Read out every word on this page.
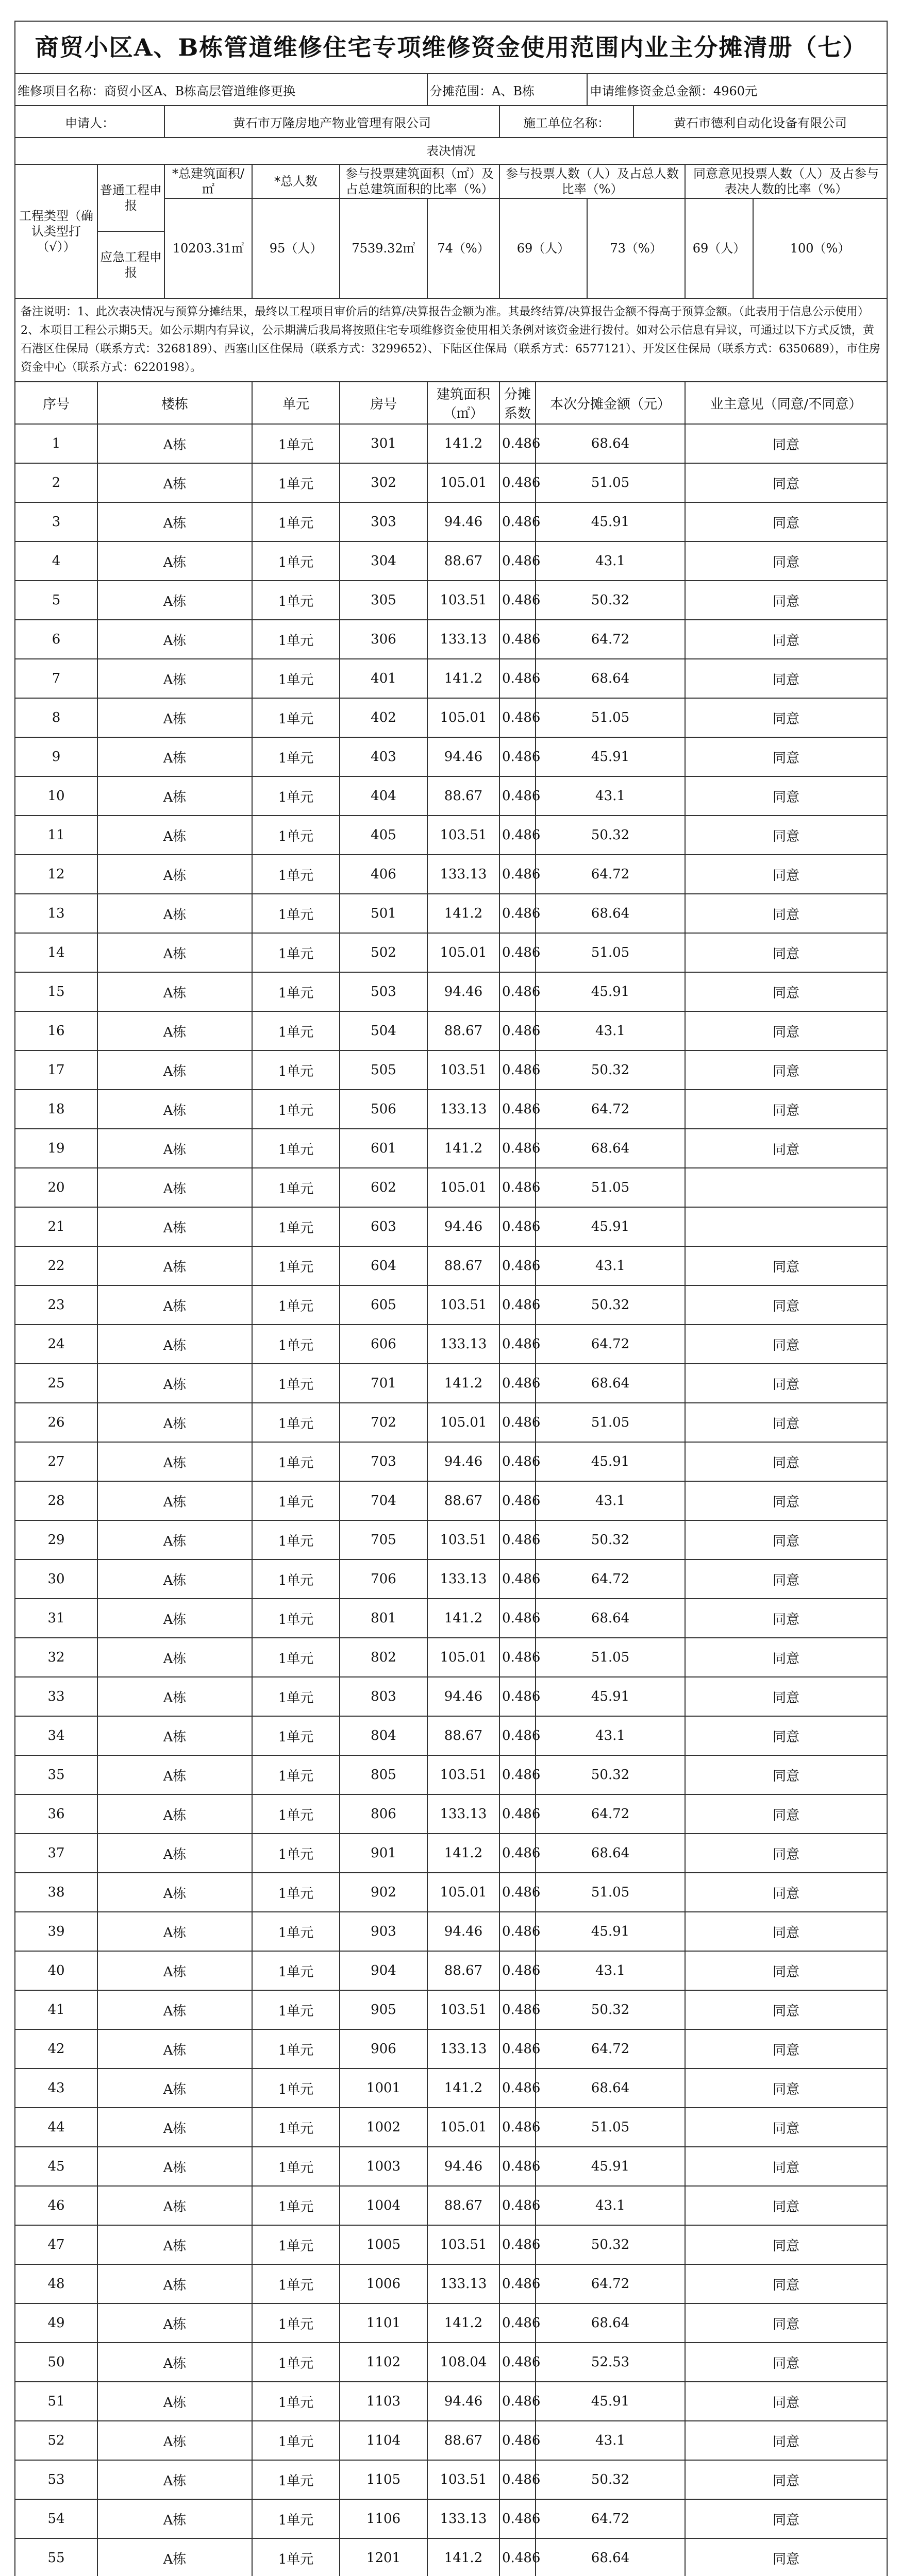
商贸小区A、B栋管道维修住宅专项维修资金使用范围内业主分摊清册（七）											
维修项目名称：商贸小区A、B栋高层管道维修更换					分摊范围：A、B栋			申请维修资金总金额：4960元			
申请人：		黄石市万隆房地产物业管理有限公司				施工单位名称：			黄石市德利自动化设备有限公司		
表决情况											
工程类型（确认类型打（√））	普通工程申报	*总建筑面积/㎡	*总人数	参与投票建筑面积（㎡）及占总建筑面积的比率（%）		参与投票人数（人）及占总人数比率（%）				同意意见投票人数（人）及占参与表决人数的比率（%）	
		10203.31㎡	95（人）	7539.32㎡	74（%）	69（人）		73（%）		69（人）	100（%）
	应急工程申报										

备注说明：1、此次表决情况与预算分摊结果，最终以工程项目审价后的结算/决算报告金额为准。其最终结算/决算报告金额不得高于预算金额。（此表用于信息公示使用）
2、本项目工程公示期5天。如公示期内有异议，公示期满后我局将按照住宅专项维修资金使用相关条例对该资金进行拨付。如对公示信息有异议，可通过以下方式反馈，黄石港区住保局（联系方式：3268189）、西塞山区住保局（联系方式：3299652）、下陆区住保局（联系方式：6577121）、开发区住保局（联系方式：6350689），市住房资金中心（联系方式：6220198）。											

序号	楼栋		单元	房号	建筑面积（㎡）	分摊系数	本次分摊金额（元）			业主意见（同意/不同意）	
1	A栋		1单元	301	141.2	0.486	68.64			同意	
2	A栋		1单元	302	105.01	0.486	51.05			同意	
3	A栋		1单元	303	94.46	0.486	45.91			同意	
4	A栋		1单元	304	88.67	0.486	43.1			同意	
5	A栋		1单元	305	103.51	0.486	50.32			同意	
6	A栋		1单元	306	133.13	0.486	64.72			同意	
7	A栋		1单元	401	141.2	0.486	68.64			同意	
8	A栋		1单元	402	105.01	0.486	51.05			同意	
9	A栋		1单元	403	94.46	0.486	45.91			同意	
10	A栋		1单元	404	88.67	0.486	43.1			同意	
11	A栋		1单元	405	103.51	0.486	50.32			同意	
12	A栋		1单元	406	133.13	0.486	64.72			同意	
13	A栋		1单元	501	141.2	0.486	68.64			同意	
14	A栋		1单元	502	105.01	0.486	51.05			同意	
15	A栋		1单元	503	94.46	0.486	45.91			同意	
16	A栋		1单元	504	88.67	0.486	43.1			同意	
17	A栋		1单元	505	103.51	0.486	50.32			同意	
18	A栋		1单元	506	133.13	0.486	64.72			同意	
19	A栋		1单元	601	141.2	0.486	68.64			同意	
20	A栋		1单元	602	105.01	0.486	51.05				
21	A栋		1单元	603	94.46	0.486	45.91				
22	A栋		1单元	604	88.67	0.486	43.1			同意	
23	A栋		1单元	605	103.51	0.486	50.32			同意	
24	A栋		1单元	606	133.13	0.486	64.72			同意	
25	A栋		1单元	701	141.2	0.486	68.64			同意	
26	A栋		1单元	702	105.01	0.486	51.05			同意	
27	A栋		1单元	703	94.46	0.486	45.91			同意	
28	A栋		1单元	704	88.67	0.486	43.1			同意	
29	A栋		1单元	705	103.51	0.486	50.32			同意	
30	A栋		1单元	706	133.13	0.486	64.72			同意	
31	A栋		1单元	801	141.2	0.486	68.64			同意	
32	A栋		1单元	802	105.01	0.486	51.05			同意	
33	A栋		1单元	803	94.46	0.486	45.91			同意	
34	A栋		1单元	804	88.67	0.486	43.1			同意	
35	A栋		1单元	805	103.51	0.486	50.32			同意	
36	A栋		1单元	806	133.13	0.486	64.72			同意	
37	A栋		1单元	901	141.2	0.486	68.64			同意	
38	A栋		1单元	902	105.01	0.486	51.05			同意	
39	A栋		1单元	903	94.46	0.486	45.91			同意	
40	A栋		1单元	904	88.67	0.486	43.1			同意	
41	A栋		1单元	905	103.51	0.486	50.32			同意	
42	A栋		1单元	906	133.13	0.486	64.72			同意	
43	A栋		1单元	1001	141.2	0.486	68.64			同意	
44	A栋		1单元	1002	105.01	0.486	51.05			同意	
45	A栋		1单元	1003	94.46	0.486	45.91			同意	
46	A栋		1单元	1004	88.67	0.486	43.1			同意	
47	A栋		1单元	1005	103.51	0.486	50.32			同意	
48	A栋		1单元	1006	133.13	0.486	64.72			同意	
49	A栋		1单元	1101	141.2	0.486	68.64			同意	
50	A栋		1单元	1102	108.04	0.486	52.53			同意	
51	A栋		1单元	1103	94.46	0.486	45.91			同意	
52	A栋		1单元	1104	88.67	0.486	43.1			同意	
53	A栋		1单元	1105	103.51	0.486	50.32			同意	
54	A栋		1单元	1106	133.13	0.486	64.72			同意	
55	A栋		1单元	1201	141.2	0.486	68.64			同意	
